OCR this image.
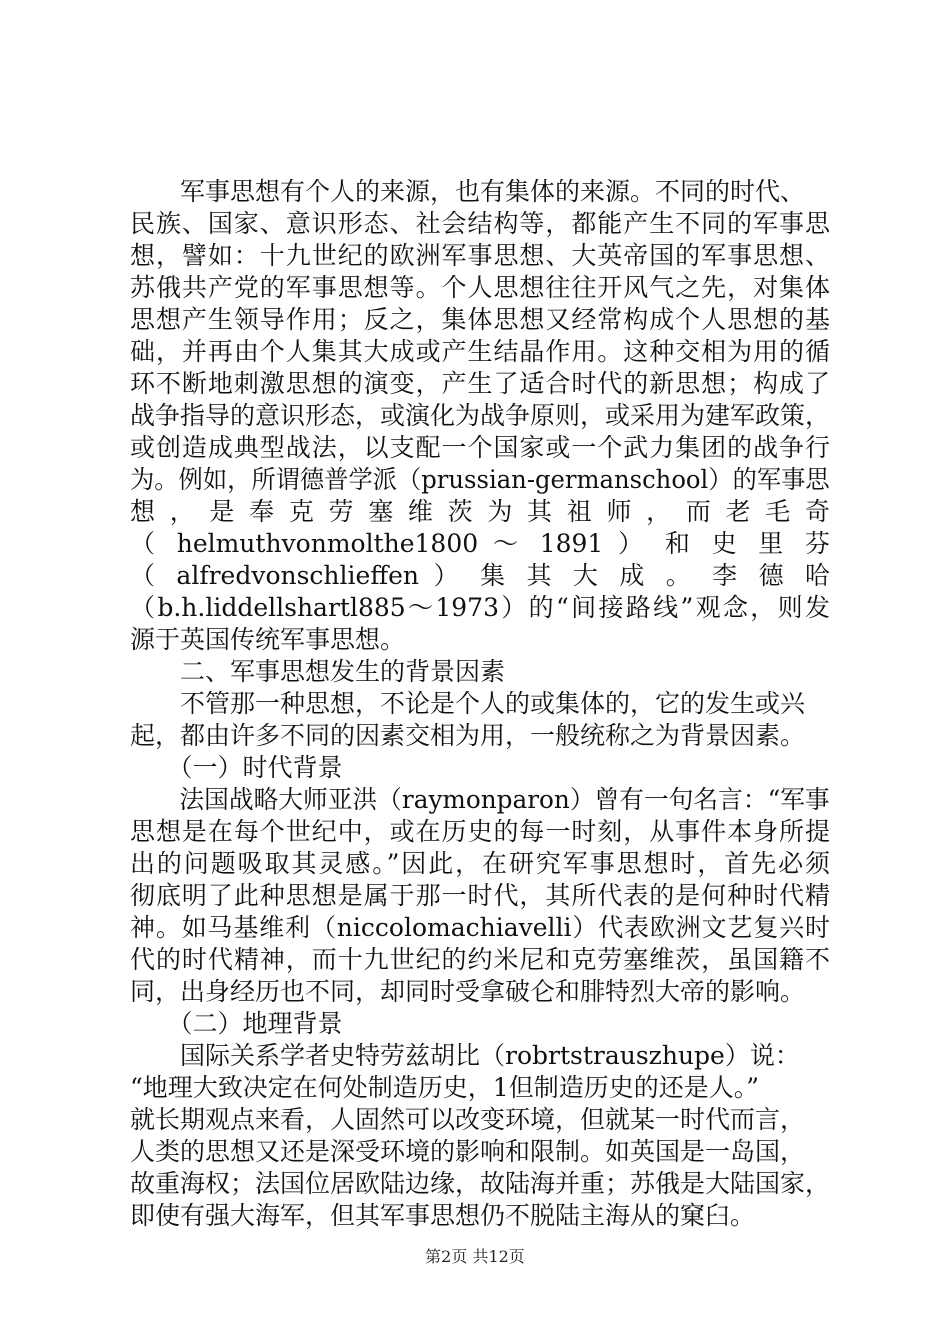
　　军事思想有个人的来源，也有集体的来源。不同的时代、
民族、国家、意识形态、社会结构等，都能产生不同的军事思
想，譬如：十九世纪的欧洲军事思想、大英帝国的军事思想、
苏俄共产党的军事思想等。个人思想往往开风气之先，对集体
思想产生领导作用；反之，集体思想又经常构成个人思想的基
础，并再由个人集其大成或产生结晶作用。这种交相为用的循
环不断地刺激思想的演变，产生了适合时代的新思想；构成了
战争指导的意识形态，或演化为战争原则，或采用为建军政策，
或创造成典型战法，以支配一个国家或一个武力集团的战争行
为。例如，所谓德普学派（prussian-germanschool）的军事思
想 ， 是 奉 克 劳 塞 维 茨 为 其 祖 师 ， 而 老 毛 奇
（ helmuthvonmolthe1800 ～ 1891 ） 和 史 里 芬
（ alfredvonschlieffen ） 集 其 大 成 。 李 德 哈
（b.h.liddellshartl885～1973）的“间接路线”观念，则发
源于英国传统军事思想。
　　二、军事思想发生的背景因素
　　不管那一种思想，不论是个人的或集体的，它的发生或兴
起，都由许多不同的因素交相为用，一般统称之为背景因素。
　　（一）时代背景
　　法国战略大师亚洪（raymonparon）曾有一句名言：“军事
思想是在每个世纪中，或在历史的每一时刻，从事件本身所提
出的问题吸取其灵感。”因此，在研究军事思想时，首先必须
彻底明了此种思想是属于那一时代，其所代表的是何种时代精
神。如马基维利（niccolomachiavelli）代表欧洲文艺复兴时
代的时代精神，而十九世纪的约米尼和克劳塞维茨，虽国籍不
同，出身经历也不同，却同时受拿破仑和腓特烈大帝的影响。
　　（二）地理背景
　　国际关系学者史特劳兹胡比（robrtstrauszhupe）说：
“地理大致决定在何处制造历史，1但制造历史的还是人。”
就长期观点来看，人固然可以改变环境，但就某一时代而言，
人类的思想又还是深受环境的影响和限制。如英国是一岛国，
故重海权；法国位居欧陆边缘，故陆海并重；苏俄是大陆国家，
即使有强大海军，但其军事思想仍不脱陆主海从的窠臼。
第2页 共12页
